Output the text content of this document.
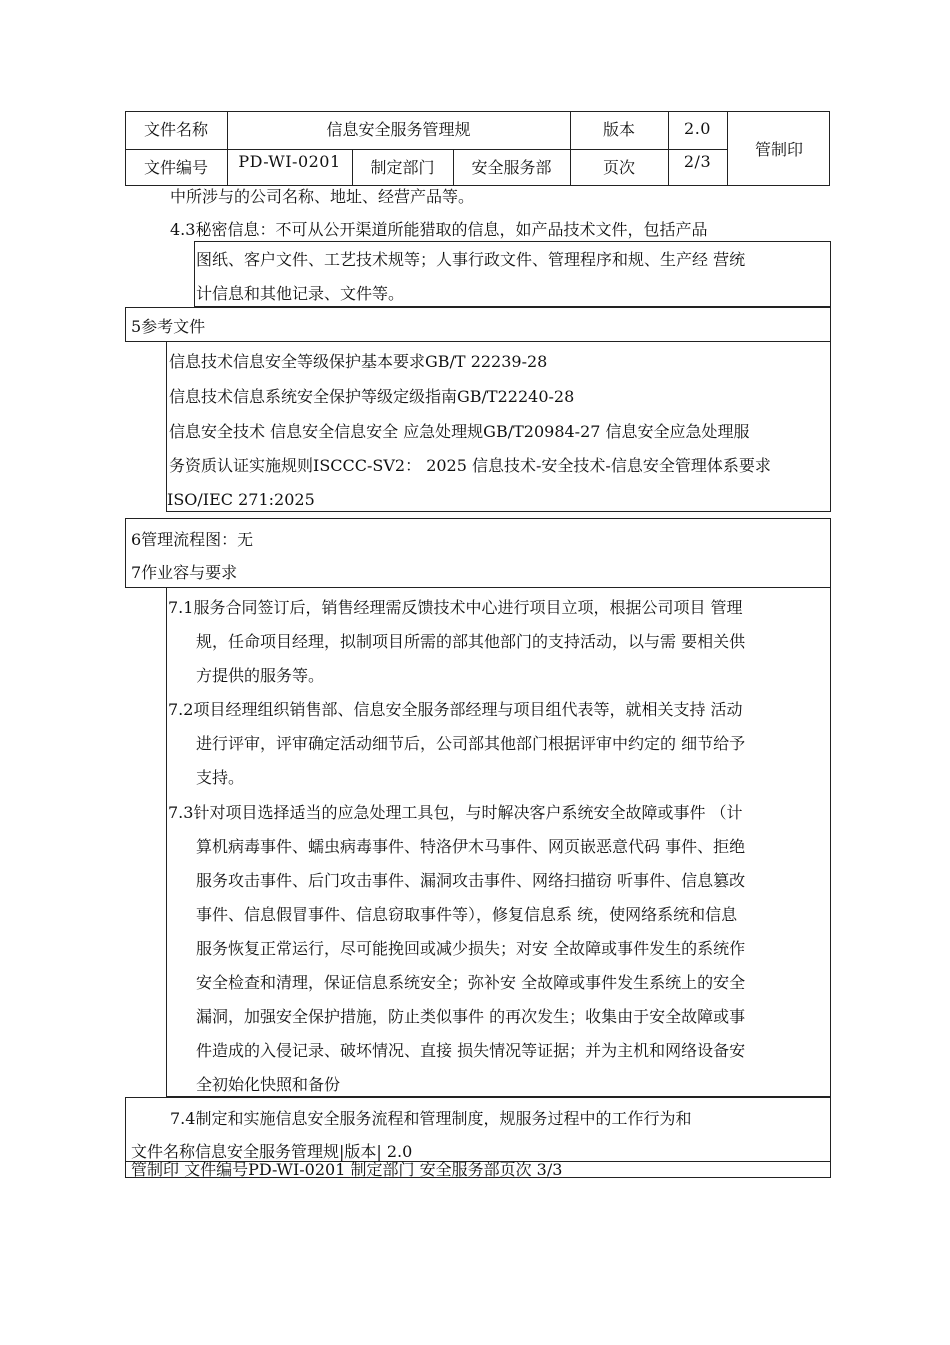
文件名称	信息安全服务管理规	版本	2.0
管制印
文件编号	PD-WI-0201	制定部门	安全服务部	页次	2/3
中所涉与的公司名称、地址、经营产品等。
4.3秘密信息：不可从公开渠道所能猎取的信息，如产品技术文件，包括产品
图纸、客户文件、工艺技术规等；人事行政文件、管理程序和规、生产经 营统
计信息和其他记录、文件等。
5参考文件
信息技术信息安全等级保护基本要求GB/T 22239-28
信息技术信息系统安全保护等级定级指南GB/T22240-28
信息安全技术 信息安全信息安全 应急处理规GB/T20984-27 信息安全应急处理服
务资质认证实施规则ISCCC-SV2： 2025 信息技术-安全技术-信息安全管理体系要求
ISO/IEC 271:2025
6管理流程图：无
7作业容与要求
7.1服务合同签订后，销售经理需反馈技术中心进行项目立项，根据公司项目 管理
规，任命项目经理，拟制项目所需的部其他部门的支持活动，以与需 要相关供
方提供的服务等。
7.2项目经理组织销售部、信息安全服务部经理与项目组代表等，就相关支持 活动
进行评审，评审确定活动细节后，公司部其他部门根据评审中约定的 细节给予
支持。
7.3针对项目选择适当的应急处理工具包，与时解决客户系统安全故障或事件 （计
算机病毒事件、蠕虫病毒事件、特洛伊木马事件、网页嵌恶意代码 事件、拒绝
服务攻击事件、后门攻击事件、漏洞攻击事件、网络扫描窃 听事件、信息篡改
事件、信息假冒事件、信息窃取事件等），修复信息系 统，使网络系统和信息
服务恢复正常运行，尽可能挽回或减少损失；对安 全故障或事件发生的系统作
安全检查和清理，保证信息系统安全；弥补安 全故障或事件发生系统上的安全
漏洞，加强安全保护措施，防止类似事件 的再次发生；收集由于安全故障或事
件造成的入侵记录、破坏情况、直接 损失情况等证据；并为主机和网络设备安
全初始化快照和备份
7.4制定和实施信息安全服务流程和管理制度，规服务过程中的工作行为和
文件名称信息安全服务管理规|版本| 2.0
管制印 文件编号PD-WI-0201 制定部门 安全服务部页次 3/3
